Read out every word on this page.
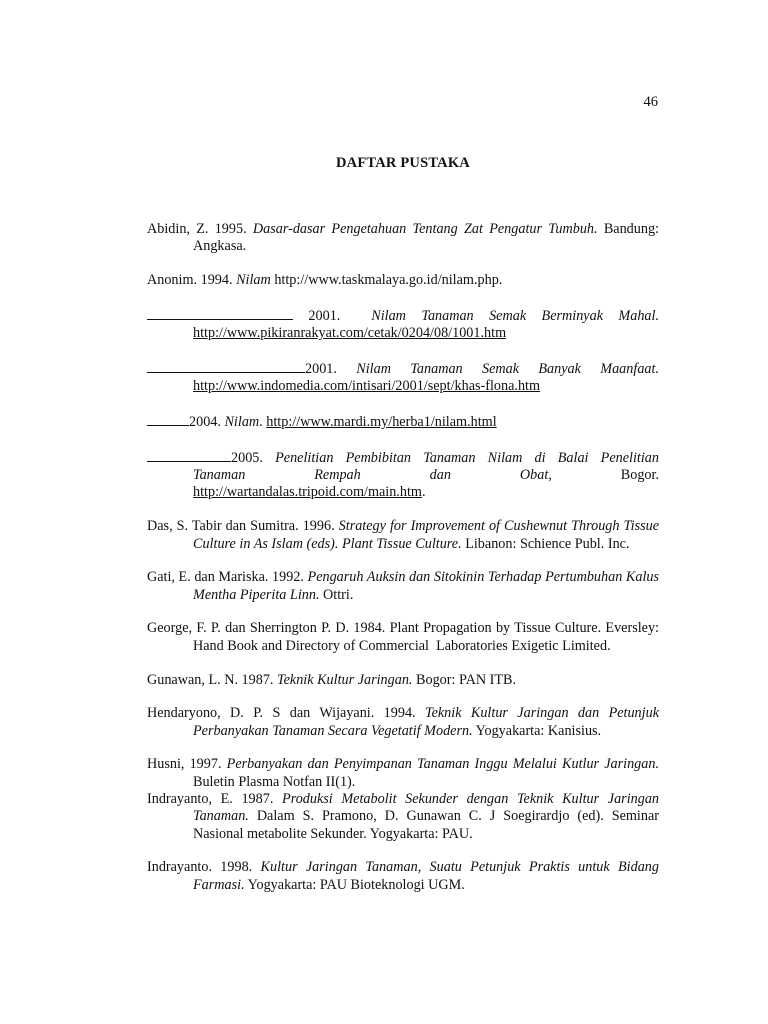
46
DAFTAR PUSTAKA
Abidin, Z. 1995. Dasar-dasar Pengetahuan Tentang Zat Pengatur Tumbuh. Bandung: Angkasa.
Anonim. 1994. Nilam http://www.taskmalaya.go.id/nilam.php.
2001.  Nilam Tanaman Semak Berminyak Mahal.
http://www.pikiranrakyat.com/cetak/0204/08/1001.htm
2001. Nilam Tanaman Semak Banyak Maanfaat.
http://www.indomedia.com/intisari/2001/sept/khas-flona.htm
2004. Nilam. http://www.mardi.my/herba1/nilam.html
2005. Penelitian Pembibitan Tanaman Nilam di Balai Penelitian
Tanaman Rempah dan Obat, Bogor.
http://wartandalas.tripoid.com/main.htm.
Das, S. Tabir dan Sumitra. 1996. Strategy for Improvement of Cushewnut Through Tissue Culture in As Islam (eds). Plant Tissue Culture. Libanon: Schience Publ. Inc.
Gati, E. dan Mariska. 1992. Pengaruh Auksin dan Sitokinin Terhadap Pertumbuhan Kalus Mentha Piperita Linn. Ottri.
George, F. P. dan Sherrington P. D. 1984. Plant Propagation by Tissue Culture. Eversley: Hand Book and Directory of Commercial  Laboratories Exigetic Limited.
Gunawan, L. N. 1987. Teknik Kultur Jaringan. Bogor: PAN ITB.
Hendaryono, D. P. S dan Wijayani. 1994. Teknik Kultur Jaringan dan Petunjuk Perbanyakan Tanaman Secara Vegetatif Modern. Yogyakarta: Kanisius.
Husni, 1997. Perbanyakan dan Penyimpanan Tanaman Inggu Melalui Kutlur Jaringan. Buletin Plasma Notfan II(1).
Indrayanto, E. 1987. Produksi Metabolit Sekunder dengan Teknik Kultur Jaringan Tanaman. Dalam S. Pramono, D. Gunawan C. J Soegirardjo (ed). Seminar Nasional metabolite Sekunder. Yogyakarta: PAU.
Indrayanto. 1998. Kultur Jaringan Tanaman, Suatu Petunjuk Praktis untuk Bidang Farmasi. Yogyakarta: PAU Bioteknologi UGM.
